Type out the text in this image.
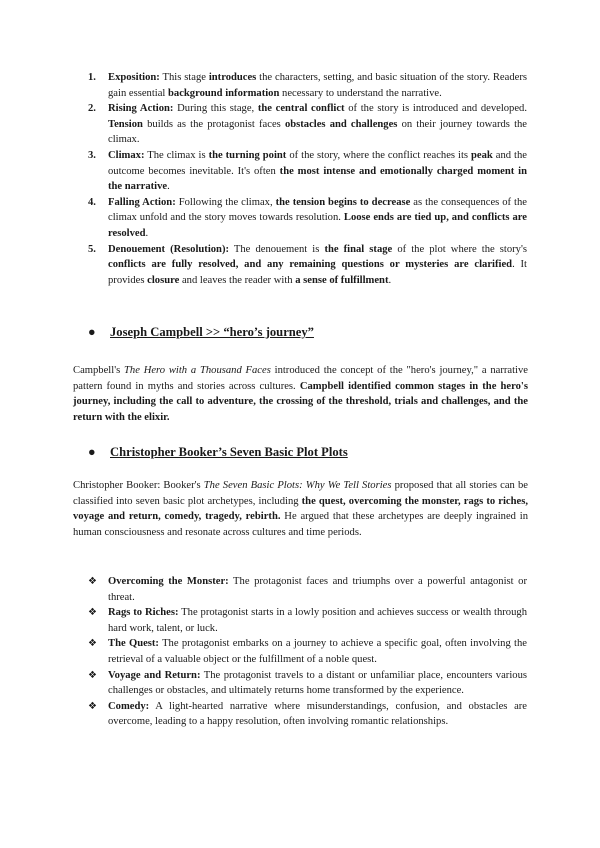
1. Exposition: This stage introduces the characters, setting, and basic situation of the story. Readers gain essential background information necessary to understand the narrative.
2. Rising Action: During this stage, the central conflict of the story is introduced and developed. Tension builds as the protagonist faces obstacles and challenges on their journey towards the climax.
3. Climax: The climax is the turning point of the story, where the conflict reaches its peak and the outcome becomes inevitable. It's often the most intense and emotionally charged moment in the narrative.
4. Falling Action: Following the climax, the tension begins to decrease as the consequences of the climax unfold and the story moves towards resolution. Loose ends are tied up, and conflicts are resolved.
5. Denouement (Resolution): The denouement is the final stage of the plot where the story's conflicts are fully resolved, and any remaining questions or mysteries are clarified. It provides closure and leaves the reader with a sense of fulfillment.
● Joseph Campbell >> “hero’s journey”

Campbell's The Hero with a Thousand Faces introduced the concept of the "hero's journey," a narrative pattern found in myths and stories across cultures. Campbell identified common stages in the hero's journey, including the call to adventure, the crossing of the threshold, trials and challenges, and the return with the elixir.

● Christopher Booker’s Seven Basic Plot Plots

Christopher Booker: Booker's The Seven Basic Plots: Why We Tell Stories proposed that all stories can be classified into seven basic plot archetypes, including the quest, overcoming the monster, rags to riches, voyage and return, comedy, tragedy, rebirth. He argued that these archetypes are deeply ingrained in human consciousness and resonate across cultures and time periods.

❖ Overcoming the Monster: The protagonist faces and triumphs over a powerful antagonist or threat.
❖ Rags to Riches: The protagonist starts in a lowly position and achieves success or wealth through hard work, talent, or luck.
❖ The Quest: The protagonist embarks on a journey to achieve a specific goal, often involving the retrieval of a valuable object or the fulfillment of a noble quest.
❖ Voyage and Return: The protagonist travels to a distant or unfamiliar place, encounters various challenges or obstacles, and ultimately returns home transformed by the experience.
❖ Comedy: A light-hearted narrative where misunderstandings, confusion, and obstacles are overcome, leading to a happy resolution, often involving romantic relationships.
